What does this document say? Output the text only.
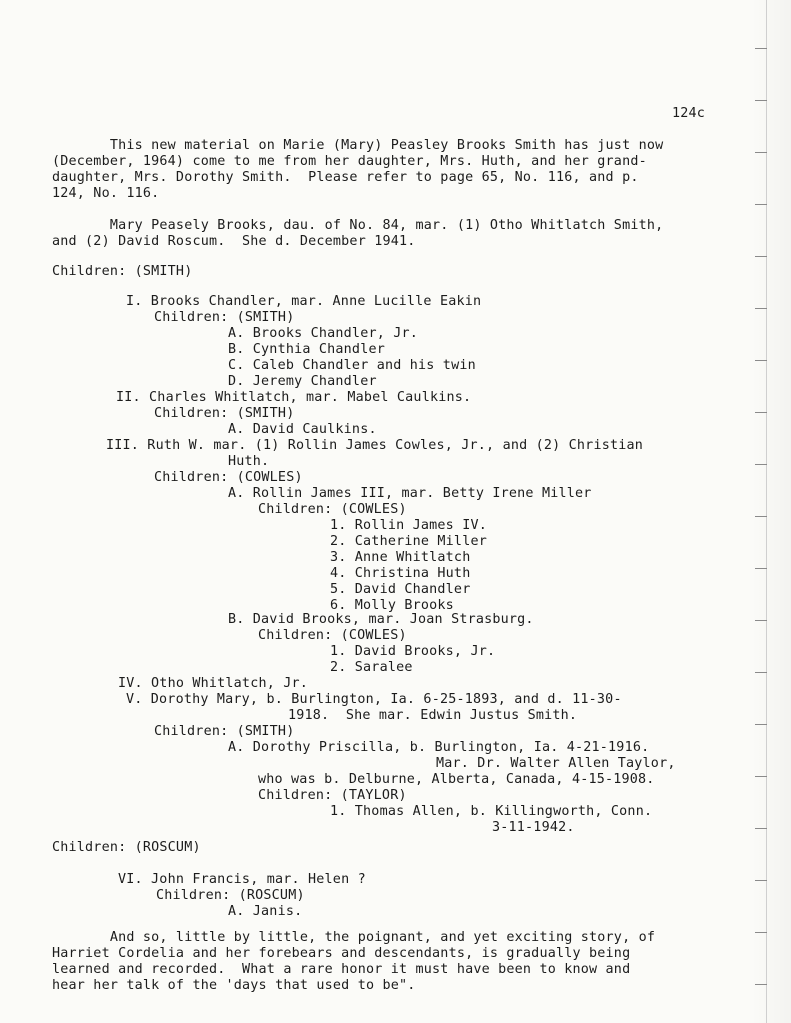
124c
This new material on Marie (Mary) Peasley Brooks Smith has just now
(December, 1964) come to me from her daughter, Mrs. Huth, and her grand-
daughter, Mrs. Dorothy Smith.  Please refer to page 65, No. 116, and p.
124, No. 116.
Mary Peasely Brooks, dau. of No. 84, mar. (1) Otho Whitlatch Smith,
and (2) David Roscum.  She d. December 1941.
Children: (SMITH)
I. Brooks Chandler, mar. Anne Lucille Eakin
Children: (SMITH)
A. Brooks Chandler, Jr.
B. Cynthia Chandler
C. Caleb Chandler and his twin
D. Jeremy Chandler
II. Charles Whitlatch, mar. Mabel Caulkins.
Children: (SMITH)
A. David Caulkins.
III. Ruth W. mar. (1) Rollin James Cowles, Jr., and (2) Christian
Huth.
Children: (COWLES)
A. Rollin James III, mar. Betty Irene Miller
Children: (COWLES)
1. Rollin James IV.
2. Catherine Miller
3. Anne Whitlatch
4. Christina Huth
5. David Chandler
6. Molly Brooks
B. David Brooks, mar. Joan Strasburg.
Children: (COWLES)
1. David Brooks, Jr.
2. Saralee
IV. Otho Whitlatch, Jr.
V. Dorothy Mary, b. Burlington, Ia. 6-25-1893, and d. 11-30-
1918.  She mar. Edwin Justus Smith.
Children: (SMITH)
A. Dorothy Priscilla, b. Burlington, Ia. 4-21-1916.
Mar. Dr. Walter Allen Taylor,
who was b. Delburne, Alberta, Canada, 4-15-1908.
Children: (TAYLOR)
1. Thomas Allen, b. Killingworth, Conn.
3-11-1942.
Children: (ROSCUM)
VI. John Francis, mar. Helen ?
Children: (ROSCUM)
A. Janis.
And so, little by little, the poignant, and yet exciting story, of
Harriet Cordelia and her forebears and descendants, is gradually being
learned and recorded.  What a rare honor it must have been to know and
hear her talk of the 'days that used to be".
